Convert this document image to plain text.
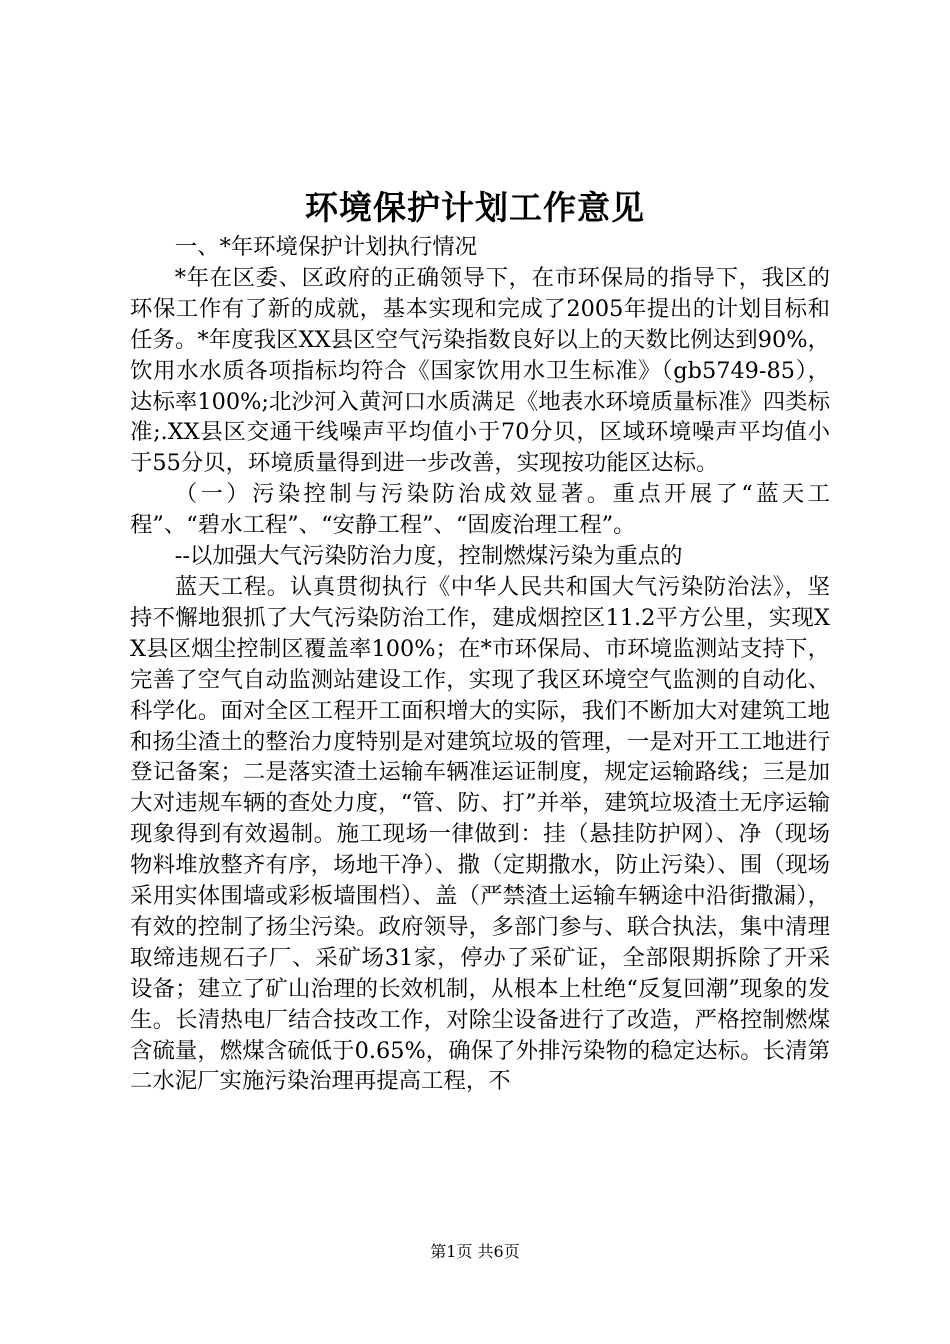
环境保护计划工作意见

一、*年环境保护计划执行情况

*年在区委、区政府的正确领导下，在市环保局的指导下，我区的环保工作有了新的成就，基本实现和完成了2005年提出的计划目标和任务。*年度我区XX县区空气污染指数良好以上的天数比例达到90%，饮用水水质各项指标均符合《国家饮用水卫生标准》（gb5749-85），达标率100%;北沙河入黄河口水质满足《地表水环境质量标准》四类标准;.XX县区交通干线噪声平均值小于70分贝，区域环境噪声平均值小于55分贝，环境质量得到进一步改善，实现按功能区达标。

（一）污染控制与污染防治成效显著。重点开展了“蓝天工程”、“碧水工程”、“安静工程”、“固废治理工程”。

--以加强大气污染防治力度，控制燃煤污染为重点的

蓝天工程。认真贯彻执行《中华人民共和国大气污染防治法》，坚持不懈地狠抓了大气污染防治工作，建成烟控区11.2平方公里，实现XX县区烟尘控制区覆盖率100%；在*市环保局、市环境监测站支持下，完善了空气自动监测站建设工作，实现了我区环境空气监测的自动化、科学化。面对全区工程开工面积增大的实际，我们不断加大对建筑工地和扬尘渣土的整治力度特别是对建筑垃圾的管理，一是对开工工地进行登记备案；二是落实渣土运输车辆准运证制度，规定运输路线；三是加大对违规车辆的查处力度，“管、防、打”并举，建筑垃圾渣土无序运输现象得到有效遏制。施工现场一律做到：挂（悬挂防护网）、净（现场物料堆放整齐有序，场地干净）、撒（定期撒水，防止污染）、围（现场采用实体围墙或彩板墙围档）、盖（严禁渣土运输车辆途中沿街撒漏），有效的控制了扬尘污染。政府领导，多部门参与、联合执法，集中清理取缔违规石子厂、采矿场31家，停办了采矿证，全部限期拆除了开采设备；建立了矿山治理的长效机制，从根本上杜绝“反复回潮”现象的发生。长清热电厂结合技改工作，对除尘设备进行了改造，严格控制燃煤含硫量，燃煤含硫低于0.65%，确保了外排污染物的稳定达标。长清第二水泥厂实施污染治理再提高工程，不

第1页 共6页
